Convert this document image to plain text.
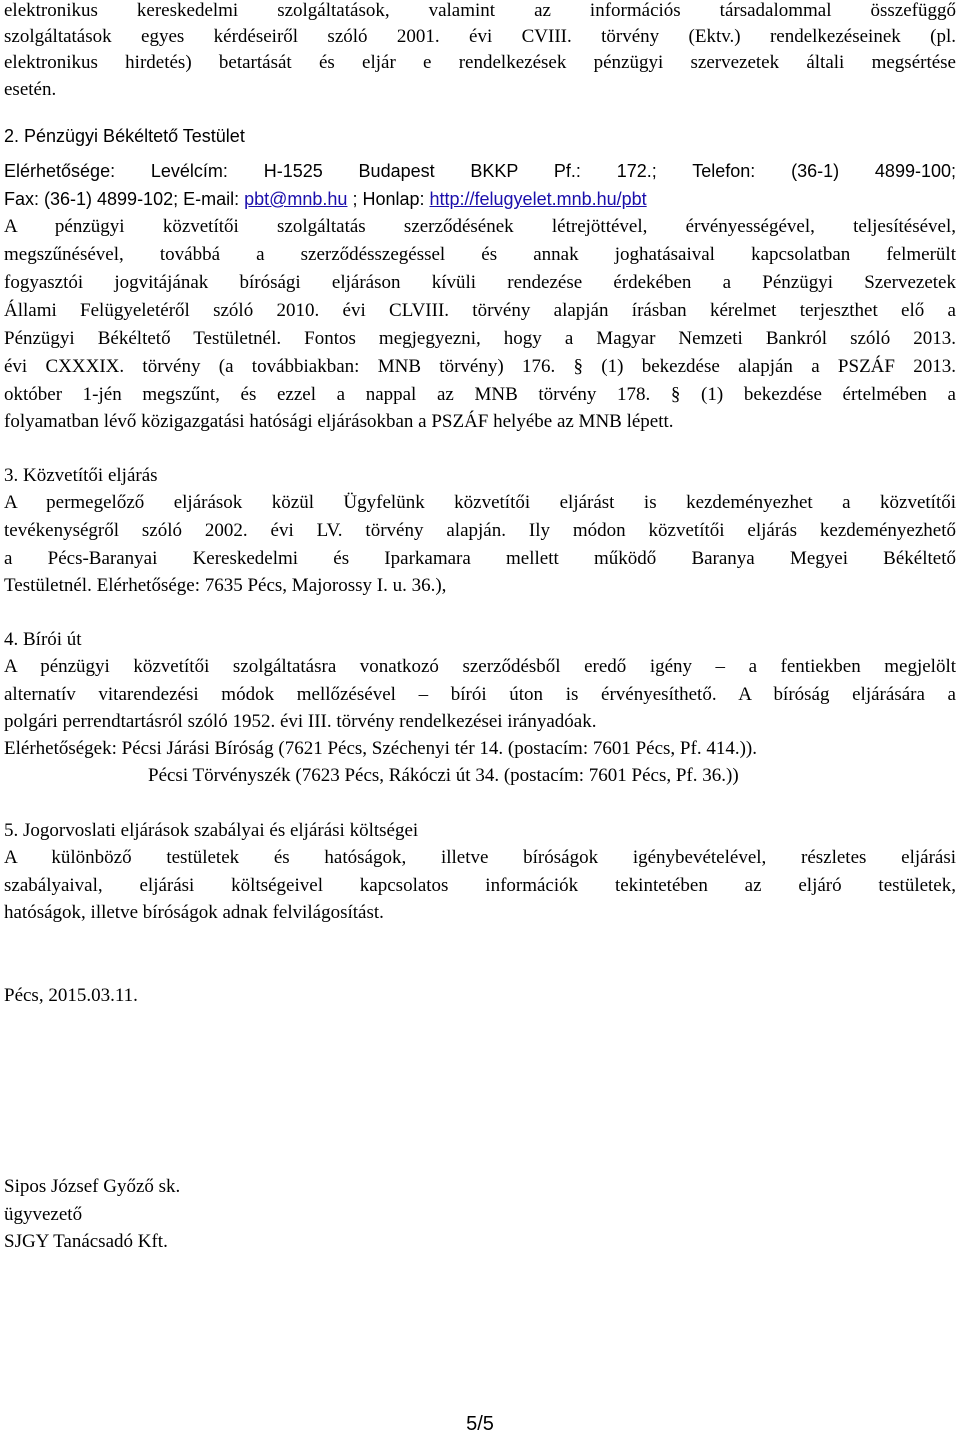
elektronikus kereskedelmi szolgáltatások, valamint az információs társadalommal összefüggő
szolgáltatások egyes kérdéseiről szóló 2001. évi CVIII. törvény (Ektv.) rendelkezéseinek (pl.
elektronikus hirdetés) betartását és eljár e rendelkezések pénzügyi szervezetek általi megsértése
esetén.
2. Pénzügyi Békéltető Testület
Elérhetősége: Levélcím: H-1525 Budapest BKKP Pf.: 172.; Telefon: (36-1) 4899-100;
Fax: (36-1) 4899-102; E-mail: pbt@mnb.hu ; Honlap: http://felugyelet.mnb.hu/pbt
A pénzügyi közvetítői szolgáltatás szerződésének létrejöttével, érvényességével, teljesítésével,
megszűnésével, továbbá a szerződésszegéssel és annak joghatásaival kapcsolatban felmerült
fogyasztói jogvitájának bírósági eljáráson kívüli rendezése érdekében a Pénzügyi Szervezetek
Állami Felügyeletéről szóló 2010. évi CLVIII. törvény alapján írásban kérelmet terjeszthet elő a
Pénzügyi Békéltető Testületnél. Fontos megjegyezni, hogy a Magyar Nemzeti Bankról szóló 2013.
évi CXXXIX. törvény (a továbbiakban: MNB törvény) 176. § (1) bekezdése alapján a PSZÁF 2013.
október 1-jén megszűnt, és ezzel a nappal az MNB törvény 178. § (1) bekezdése értelmében a
folyamatban lévő közigazgatási hatósági eljárásokban a PSZÁF helyébe az MNB lépett.
3. Közvetítői eljárás
A permegelőző eljárások közül Ügyfelünk közvetítői eljárást is kezdeményezhet a közvetítői
tevékenységről szóló 2002. évi LV. törvény alapján. Ily módon közvetítői eljárás kezdeményezhető
a Pécs-Baranyai Kereskedelmi és Iparkamara mellett működő Baranya Megyei Békéltető
Testületnél. Elérhetősége: 7635 Pécs, Majorossy I. u. 36.),
4. Bírói út
A pénzügyi közvetítői szolgáltatásra vonatkozó szerződésből eredő igény – a fentiekben megjelölt
alternatív vitarendezési módok mellőzésével – bírói úton is érvényesíthető. A bíróság eljárására a
polgári perrendtartásról szóló 1952. évi III. törvény rendelkezései irányadóak.
Elérhetőségek: Pécsi Járási Bíróság (7621 Pécs, Széchenyi tér 14. (postacím: 7601 Pécs, Pf. 414.)).
Pécsi Törvényszék (7623 Pécs, Rákóczi út 34. (postacím: 7601 Pécs, Pf. 36.))
5. Jogorvoslati eljárások szabályai és eljárási költségei
A különböző testületek és hatóságok, illetve bíróságok igénybevételével, részletes eljárási
szabályaival, eljárási költségeivel kapcsolatos információk tekintetében az eljáró testületek,
hatóságok, illetve bíróságok adnak felvilágosítást.
Pécs, 2015.03.11.
Sipos József Győző sk.
ügyvezető
SJGY Tanácsadó Kft.
5/5
